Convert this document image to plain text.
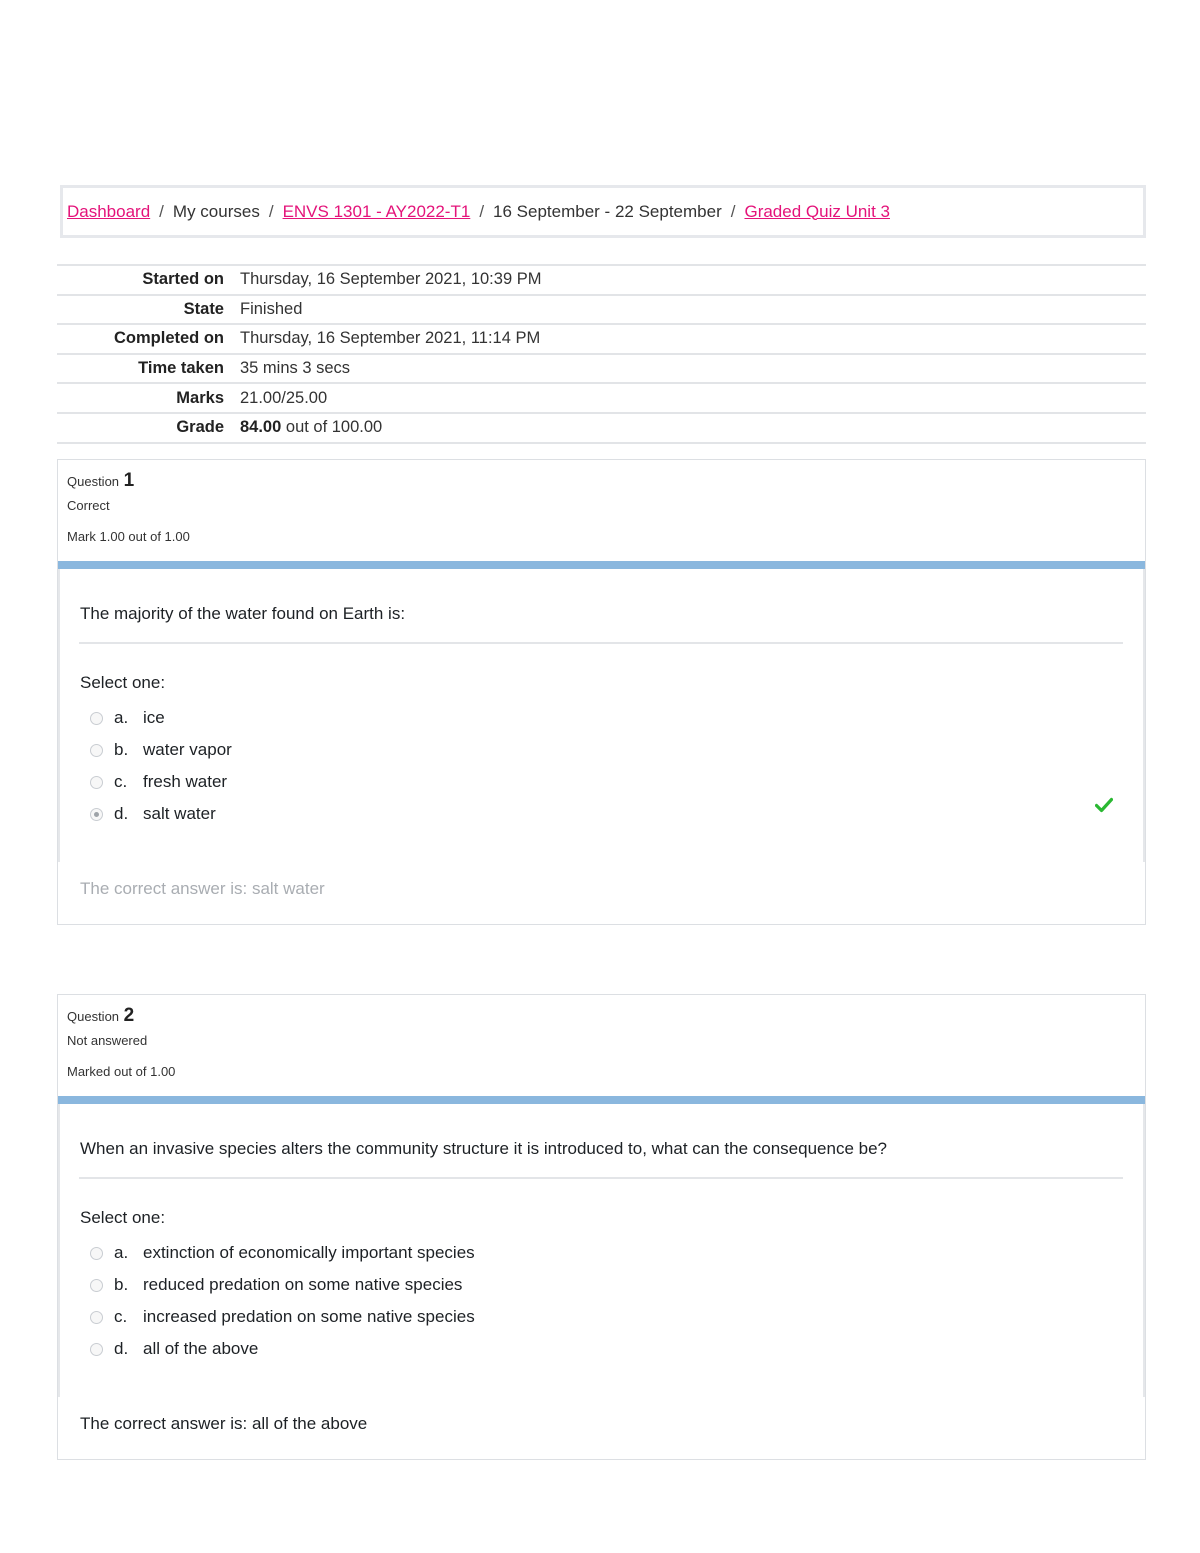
Dashboard / My courses / ENVS 1301 - AY2022-T1 / 16 September - 22 September / Graded Quiz Unit 3
Started on Thursday, 16 September 2021, 10:39 PM
State Finished
Completed on Thursday, 16 September 2021, 11:14 PM
Time taken 35 mins 3 secs
Marks 21.00/25.00
Grade 84.00 out of 100.00
Question 1
Correct
Mark 1.00 out of 1.00
The majority of the water found on Earth is:
Select one:
a. ice
b. water vapor
c. fresh water
d. salt water
The correct answer is: salt water
Question 2
Not answered
Marked out of 1.00
When an invasive species alters the community structure it is introduced to, what can the consequence be?
Select one:
a. extinction of economically important species
b. reduced predation on some native species
c. increased predation on some native species
d. all of the above
The correct answer is: all of the above
